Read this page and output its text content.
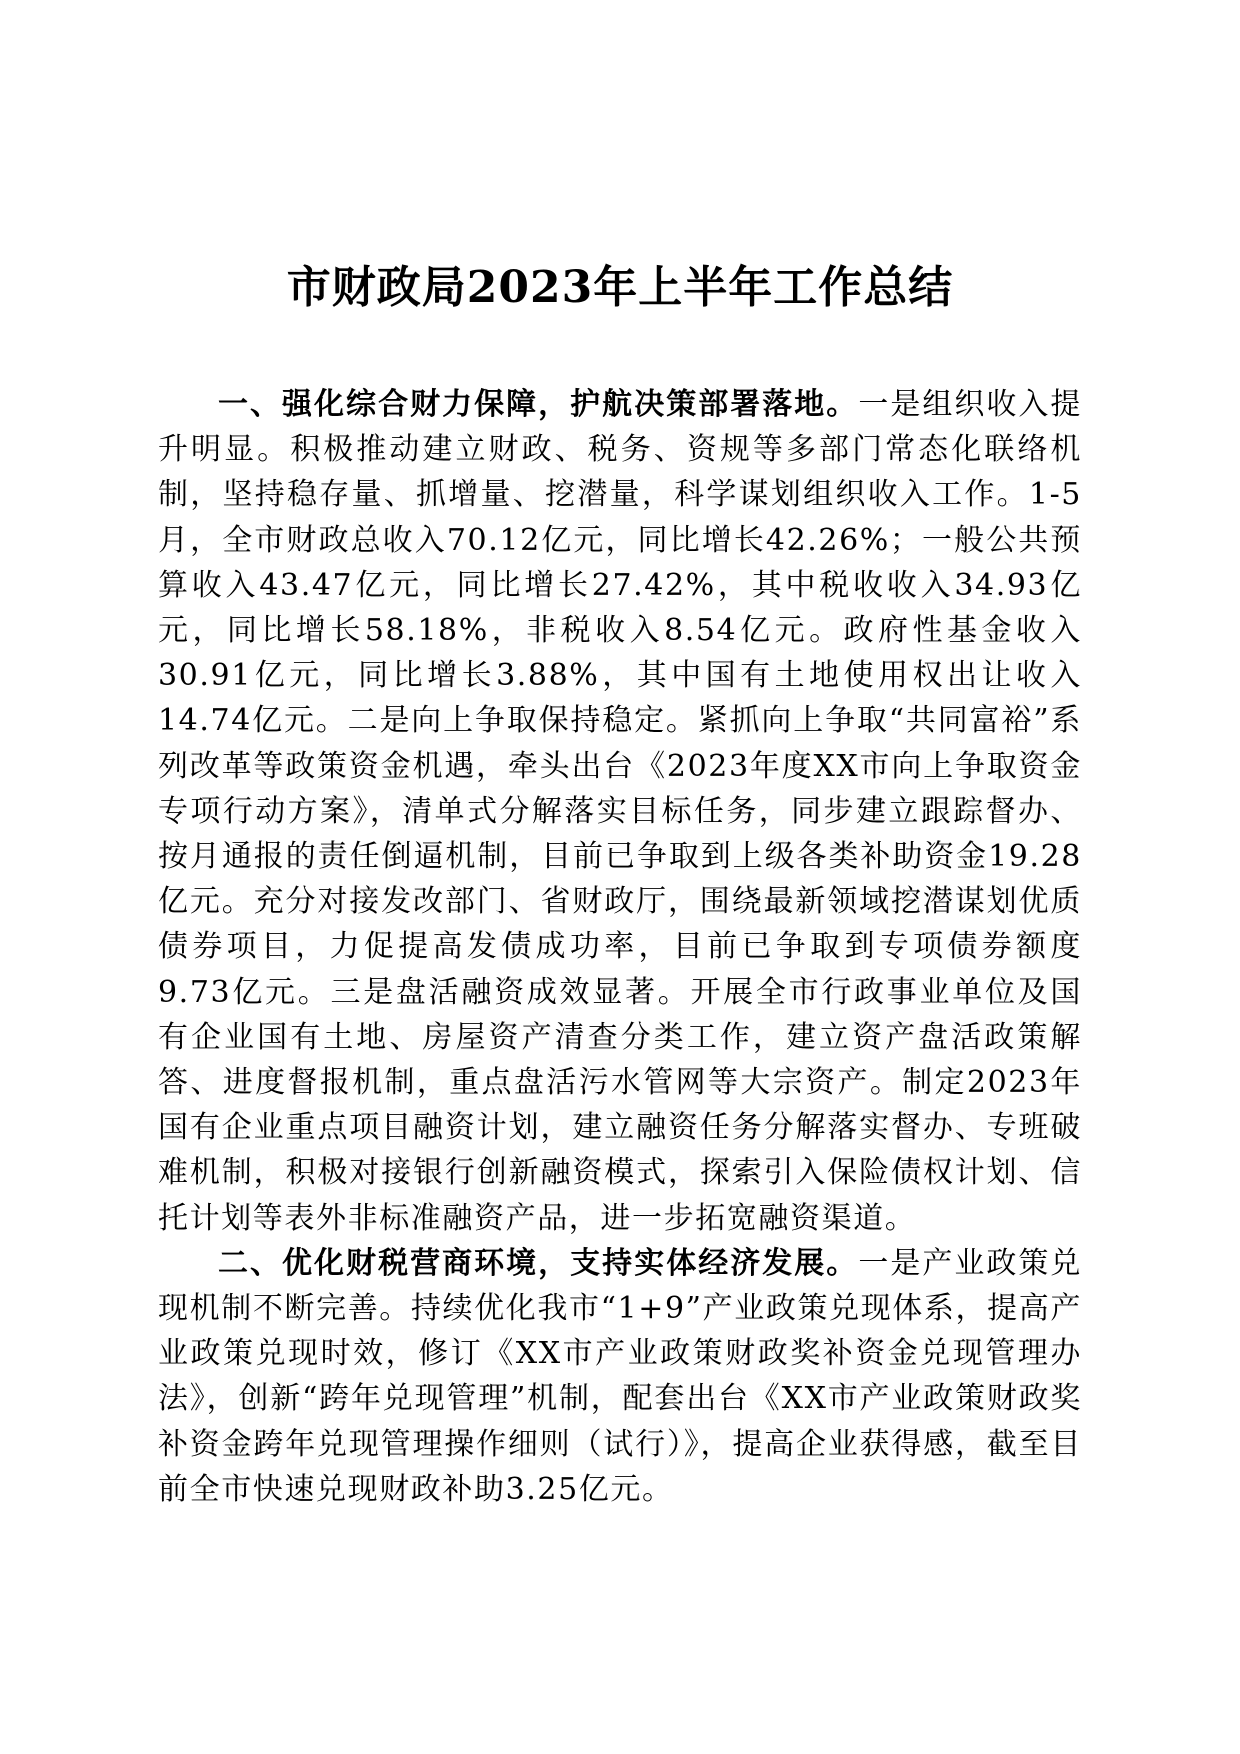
市财政局2023年上半年工作总结

一、强化综合财力保障，护航决策部署落地。一是组织收入提升明显。积极推动建立财政、税务、资规等多部门常态化联络机制，坚持稳存量、抓增量、挖潜量，科学谋划组织收入工作。1-5月，全市财政总收入70.12亿元，同比增长42.26%；一般公共预算收入43.47亿元，同比增长27.42%，其中税收收入34.93亿元，同比增长58.18%，非税收入8.54亿元。政府性基金收入30.91亿元，同比增长3.88%，其中国有土地使用权出让收入14.74亿元。二是向上争取保持稳定。紧抓向上争取“共同富裕”系列改革等政策资金机遇，牵头出台《2023年度XX市向上争取资金专项行动方案》，清单式分解落实目标任务，同步建立跟踪督办、按月通报的责任倒逼机制，目前已争取到上级各类补助资金19.28亿元。充分对接发改部门、省财政厅，围绕最新领域挖潜谋划优质债券项目，力促提高发债成功率，目前已争取到专项债券额度9.73亿元。三是盘活融资成效显著。开展全市行政事业单位及国有企业国有土地、房屋资产清查分类工作，建立资产盘活政策解答、进度督报机制，重点盘活污水管网等大宗资产。制定2023年国有企业重点项目融资计划，建立融资任务分解落实督办、专班破难机制，积极对接银行创新融资模式，探索引入保险债权计划、信托计划等表外非标准融资产品，进一步拓宽融资渠道。

二、优化财税营商环境，支持实体经济发展。一是产业政策兑现机制不断完善。持续优化我市“1+9”产业政策兑现体系，提高产业政策兑现时效，修订《XX市产业政策财政奖补资金兑现管理办法》，创新“跨年兑现管理”机制，配套出台《XX市产业政策财政奖补资金跨年兑现管理操作细则（试行）》，提高企业获得感，截至目前全市快速兑现财政补助3.25亿元。
